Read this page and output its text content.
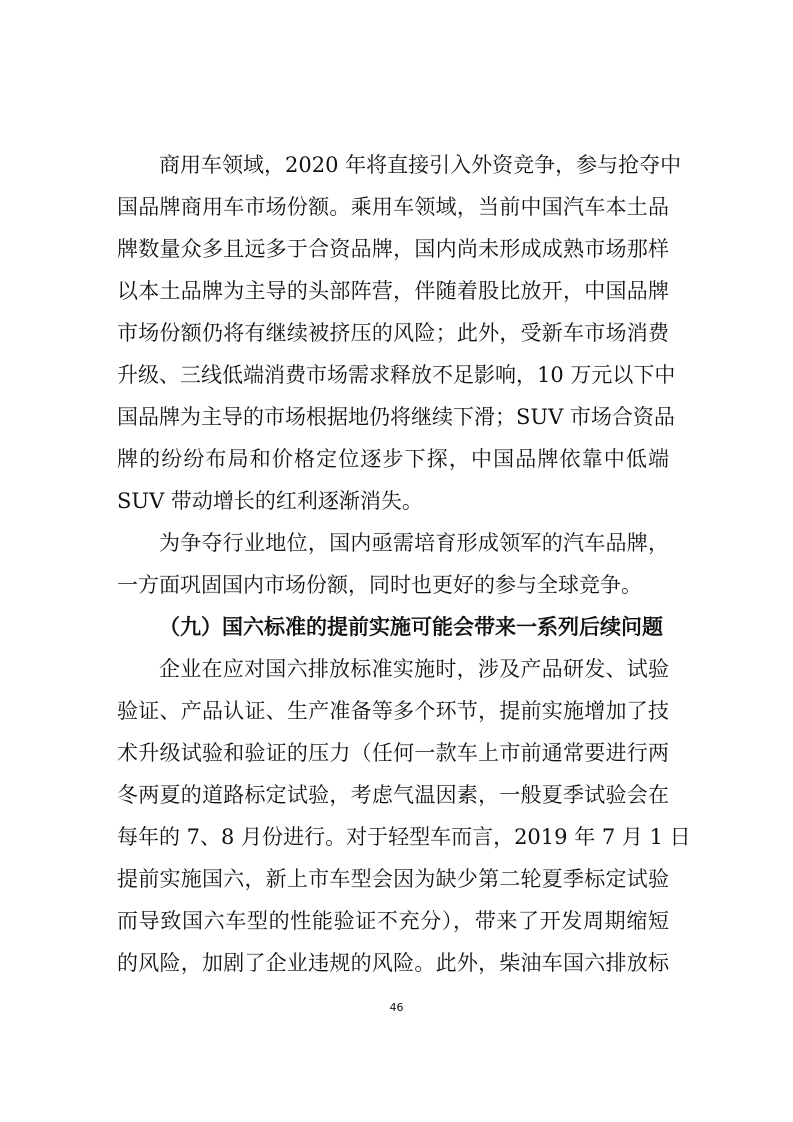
商用车领域，2020 年将直接引入外资竞争，参与抢夺中
国品牌商用车市场份额。乘用车领域，当前中国汽车本土品
牌数量众多且远多于合资品牌，国内尚未形成成熟市场那样
以本土品牌为主导的头部阵营，伴随着股比放开，中国品牌
市场份额仍将有继续被挤压的风险；此外，受新车市场消费
升级、三线低端消费市场需求释放不足影响，10 万元以下中
国品牌为主导的市场根据地仍将继续下滑；SUV 市场合资品
牌的纷纷布局和价格定位逐步下探，中国品牌依靠中低端
SUV 带动增长的红利逐渐消失。
为争夺行业地位，国内亟需培育形成领军的汽车品牌，
一方面巩固国内市场份额，同时也更好的参与全球竞争。
（九）国六标准的提前实施可能会带来一系列后续问题
企业在应对国六排放标准实施时，涉及产品研发、试验
验证、产品认证、生产准备等多个环节，提前实施增加了技
术升级试验和验证的压力（任何一款车上市前通常要进行两
冬两夏的道路标定试验，考虑气温因素，一般夏季试验会在
每年的 7、8 月份进行。对于轻型车而言，2019 年 7 月 1 日
提前实施国六，新上市车型会因为缺少第二轮夏季标定试验
而导致国六车型的性能验证不充分），带来了开发周期缩短
的风险，加剧了企业违规的风险。此外，柴油车国六排放标
46
